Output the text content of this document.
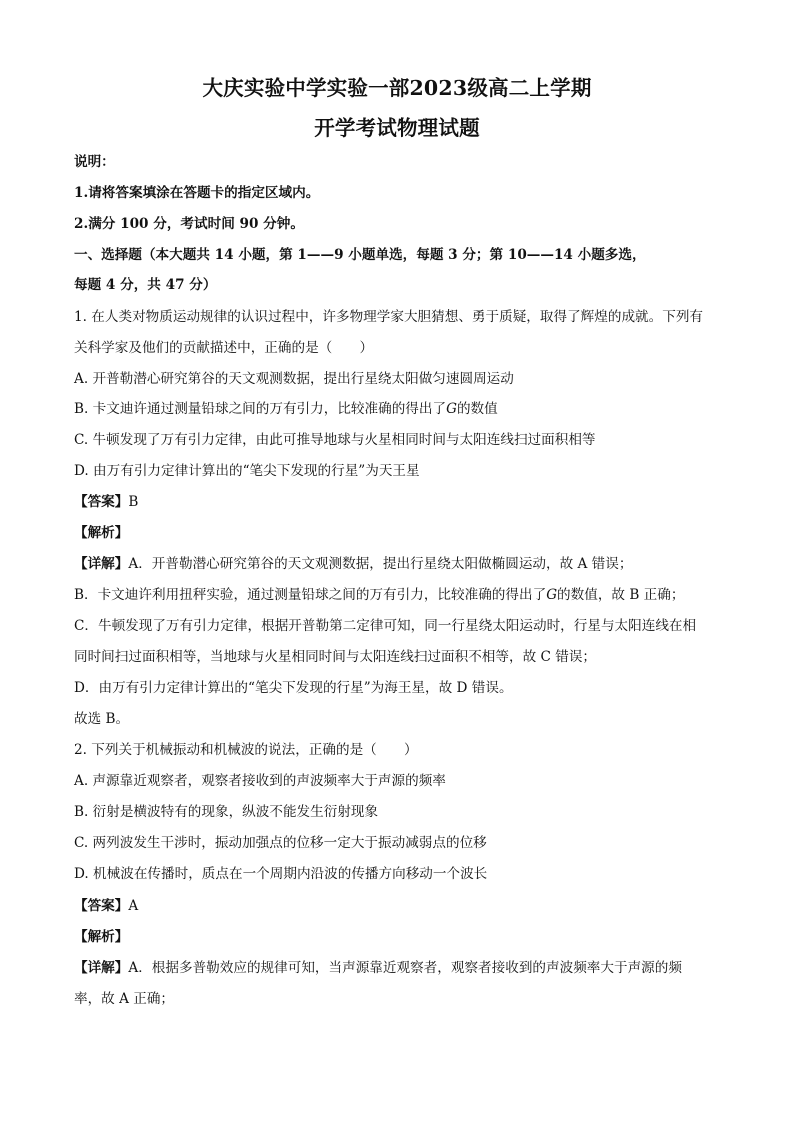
大庆实验中学实验一部2023级高二上学期
开学考试物理试题
说明：
1.请将答案填涂在答题卡的指定区域内。
2.满分 100 分，考试时间 90 分钟。
一、选择题（本大题共 14 小题，第 1——9 小题单选，每题 3 分；第 10——14 小题多选，
每题 4 分，共 47 分）
1. 在人类对物质运动规律的认识过程中，许多物理学家大胆猜想、勇于质疑，取得了辉煌的成就。下列有
关科学家及他们的贡献描述中，正确的是（　　）
A. 开普勒潜心研究第谷的天文观测数据，提出行星绕太阳做匀速圆周运动
B. 卡文迪许通过测量铅球之间的万有引力，比较准确的得出了G的数值
C. 牛顿发现了万有引力定律，由此可推导地球与火星相同时间与太阳连线扫过面积相等
D. 由万有引力定律计算出的“笔尖下发现的行星”为天王星
【答案】B
【解析】
【详解】A．开普勒潜心研究第谷的天文观测数据，提出行星绕太阳做椭圆运动，故 A 错误；
B．卡文迪许利用扭秤实验，通过测量铅球之间的万有引力，比较准确的得出了G的数值，故 B 正确；
C．牛顿发现了万有引力定律，根据开普勒第二定律可知，同一行星绕太阳运动时，行星与太阳连线在相
同时间扫过面积相等，当地球与火星相同时间与太阳连线扫过面积不相等，故 C 错误；
D．由万有引力定律计算出的“笔尖下发现的行星”为海王星，故 D 错误。
故选 B。
2. 下列关于机械振动和机械波的说法，正确的是（　　）
A. 声源靠近观察者，观察者接收到的声波频率大于声源的频率
B. 衍射是横波特有的现象，纵波不能发生衍射现象
C. 两列波发生干涉时，振动加强点的位移一定大于振动减弱点的位移
D. 机械波在传播时，质点在一个周期内沿波的传播方向移动一个波长
【答案】A
【解析】
【详解】A．根据多普勒效应的规律可知，当声源靠近观察者，观察者接收到的声波频率大于声源的频
率，故 A 正确；
